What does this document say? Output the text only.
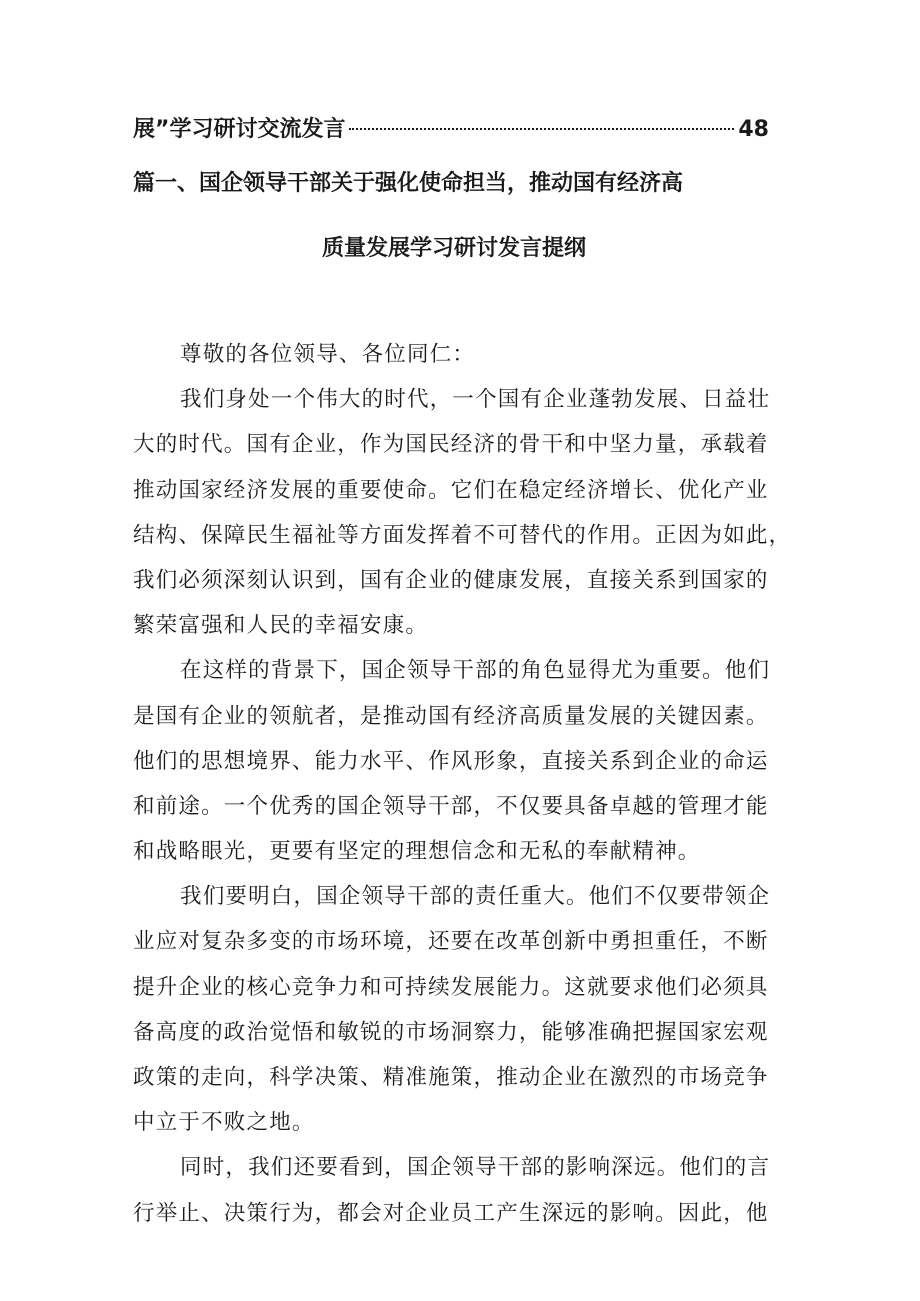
展”学习研讨交流发言	48
篇一、国企领导干部关于强化使命担当，推动国有经济高
质量发展学习研讨发言提纲
尊敬的各位领导、各位同仁：
我们身处一个伟大的时代，一个国有企业蓬勃发展、日益壮
大的时代。国有企业，作为国民经济的骨干和中坚力量，承载着
推动国家经济发展的重要使命。它们在稳定经济增长、优化产业
结构、保障民生福祉等方面发挥着不可替代的作用。正因为如此，
我们必须深刻认识到，国有企业的健康发展，直接关系到国家的
繁荣富强和人民的幸福安康。
在这样的背景下，国企领导干部的角色显得尤为重要。他们
是国有企业的领航者，是推动国有经济高质量发展的关键因素。
他们的思想境界、能力水平、作风形象，直接关系到企业的命运
和前途。一个优秀的国企领导干部，不仅要具备卓越的管理才能
和战略眼光，更要有坚定的理想信念和无私的奉献精神。
我们要明白，国企领导干部的责任重大。他们不仅要带领企
业应对复杂多变的市场环境，还要在改革创新中勇担重任，不断
提升企业的核心竞争力和可持续发展能力。这就要求他们必须具
备高度的政治觉悟和敏锐的市场洞察力，能够准确把握国家宏观
政策的走向，科学决策、精准施策，推动企业在激烈的市场竞争
中立于不败之地。
同时，我们还要看到，国企领导干部的影响深远。他们的言
行举止、决策行为，都会对企业员工产生深远的影响。因此，他
